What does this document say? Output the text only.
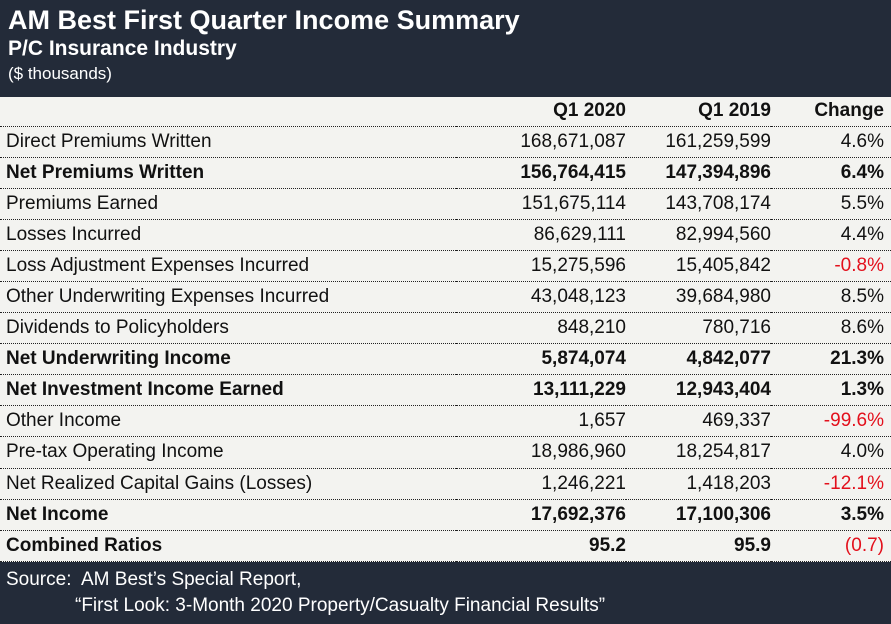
AM Best First Quarter Income Summary
P/C Insurance Industry
($ thousands)
	Q1 2020	Q1 2019	Change
Direct Premiums Written	168,671,087	161,259,599	4.6%
Net Premiums Written	156,764,415	147,394,896	6.4%
Premiums Earned	151,675,114	143,708,174	5.5%
Losses Incurred	86,629,111	82,994,560	4.4%
Loss Adjustment Expenses Incurred	15,275,596	15,405,842	-0.8%
Other Underwriting Expenses Incurred	43,048,123	39,684,980	8.5%
Dividends to Policyholders	848,210	780,716	8.6%
Net Underwriting Income	5,874,074	4,842,077	21.3%
Net Investment Income Earned	13,111,229	12,943,404	1.3%
Other Income	1,657	469,337	-99.6%
Pre-tax Operating Income	18,986,960	18,254,817	4.0%
Net Realized Capital Gains (Losses)	1,246,221	1,418,203	-12.1%
Net Income	17,692,376	17,100,306	3.5%
Combined Ratios	95.2	95.9	(0.7)
Source:  AM Best’s Special Report,
“First Look: 3-Month 2020 Property/Casualty Financial Results”
